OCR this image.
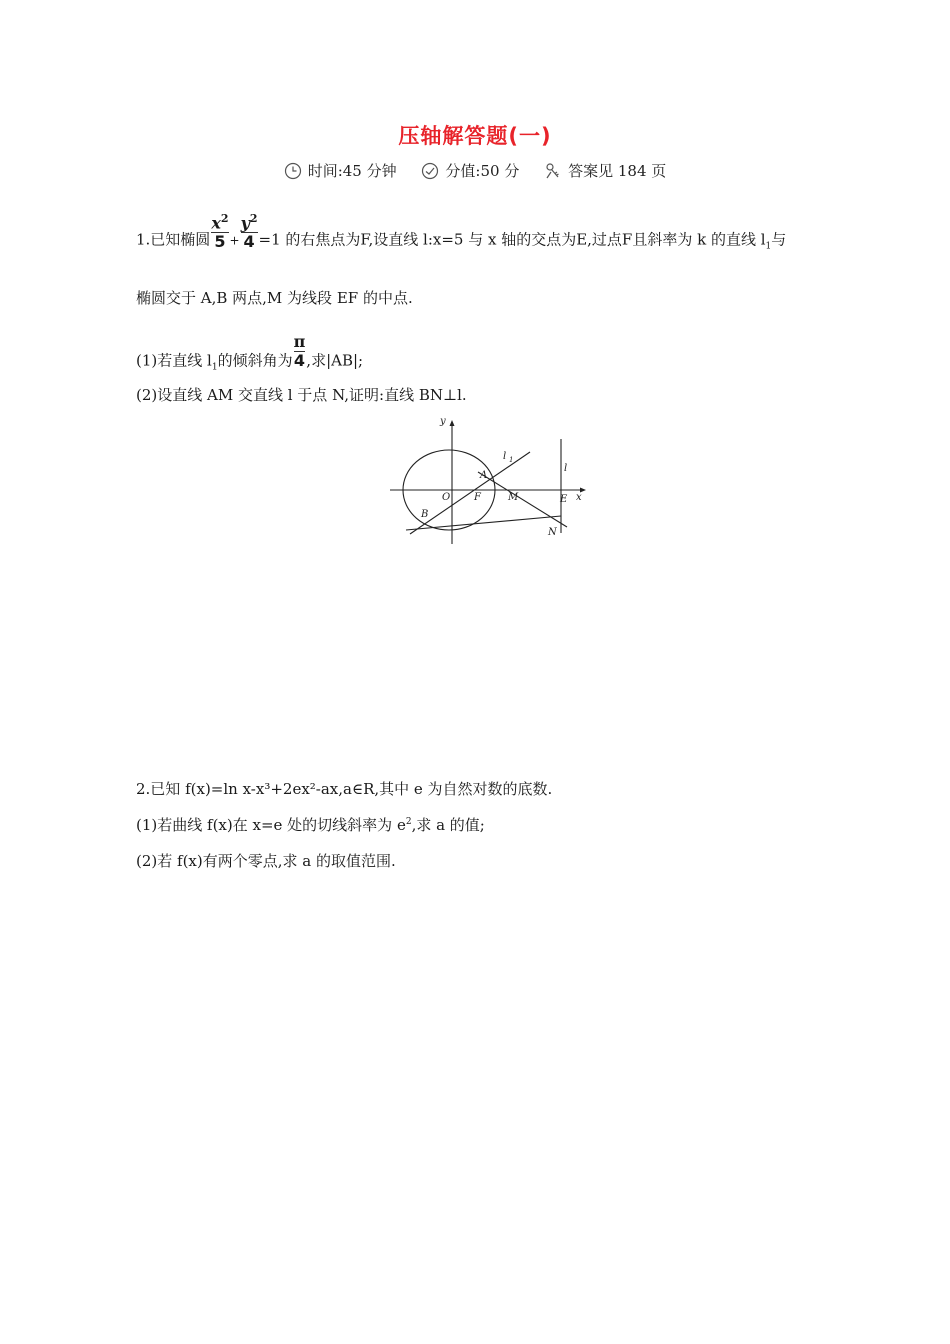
压轴解答题(一)
时间:45 分钟
	分值:50 分
	答案见 184 页
1.已知椭圆 $\frac{x^2}{5} + \frac{y^2}{4} =1$ 的右焦点为F,设直线 l:x=5 与 x 轴的交点为E,过点F且斜率为 k 的直线 $l_1$与
椭圆交于 A,B 两点,M 为线段 EF 的中点.
(1)若直线 $l_1$的倾斜角为 $\frac{\pi}{4}$ ,求|AB|;
(2)设直线 AM 交直线 l 于点 N,证明:直线 BN⊥l.
y
x
l 1
l
A
B
O F	M	E
N
2.已知 f(x)=ln x-x³+2ex²-ax,a∈R,其中 e 为自然对数的底数.
(1)若曲线 f(x)在 x=e 处的切线斜率为 $e^2$,求 a 的值;
(2)若 f(x)有两个零点,求 a 的取值范围.
